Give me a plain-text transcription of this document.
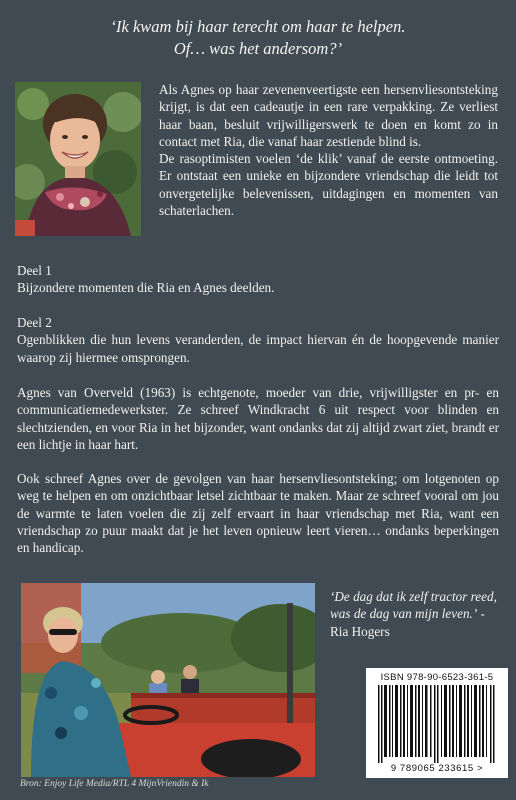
‘Ik kwam bij haar terecht om haar te helpen.
Of… was het andersom?’

Als Agnes op haar zevenenveertigste een hersenvliesontsteking krijgt, is dat een cadeautje in een rare verpakking. Ze verliest haar baan, besluit vrijwilligerswerk te doen en komt zo in contact met Ria, die vanaf haar zestiende blind is.

De rasoptimisten voelen ‘de klik’ vanaf de eerste ontmoeting. Er ontstaat een unieke en bijzondere vriendschap die leidt tot onvergetelijke belevenissen, uitdagingen en momenten van schaterlachen.

Deel 1

Bijzondere momenten die Ria en Agnes deelden.

Deel 2

Ogenblikken die hun levens veranderden, de impact hiervan én de hoopgevende manier waarop zij hiermee omsprongen.

Agnes van Overveld (1963) is echtgenote, moeder van drie, vrijwilligster en pr- en communicatiemedewerkster. Ze schreef Windkracht 6 uit respect voor blinden en slechtzienden, en voor Ria in het bijzonder, want ondanks dat zij altijd zwart ziet, brandt er een lichtje in haar hart.

Ook schreef Agnes over de gevolgen van haar hersenvliesontsteking; om lotgenoten op weg te helpen en om onzichtbaar letsel zichtbaar te maken. Maar ze schreef vooral om jou de warmte te laten voelen die zij zelf ervaart in haar vriendschap met Ria, want een vriendschap zo puur maakt dat je het leven opnieuw leert vieren… ondanks beperkingen en handicap.

Bron: Enjoy Life Media/RTL 4 MijnVriendin & Ik
‘De dag dat ik zelf tractor reed, was de dag van mijn leven.’ - Ria Hogers
ISBN 978-90-6523-361-5
9 789065 233615 >
